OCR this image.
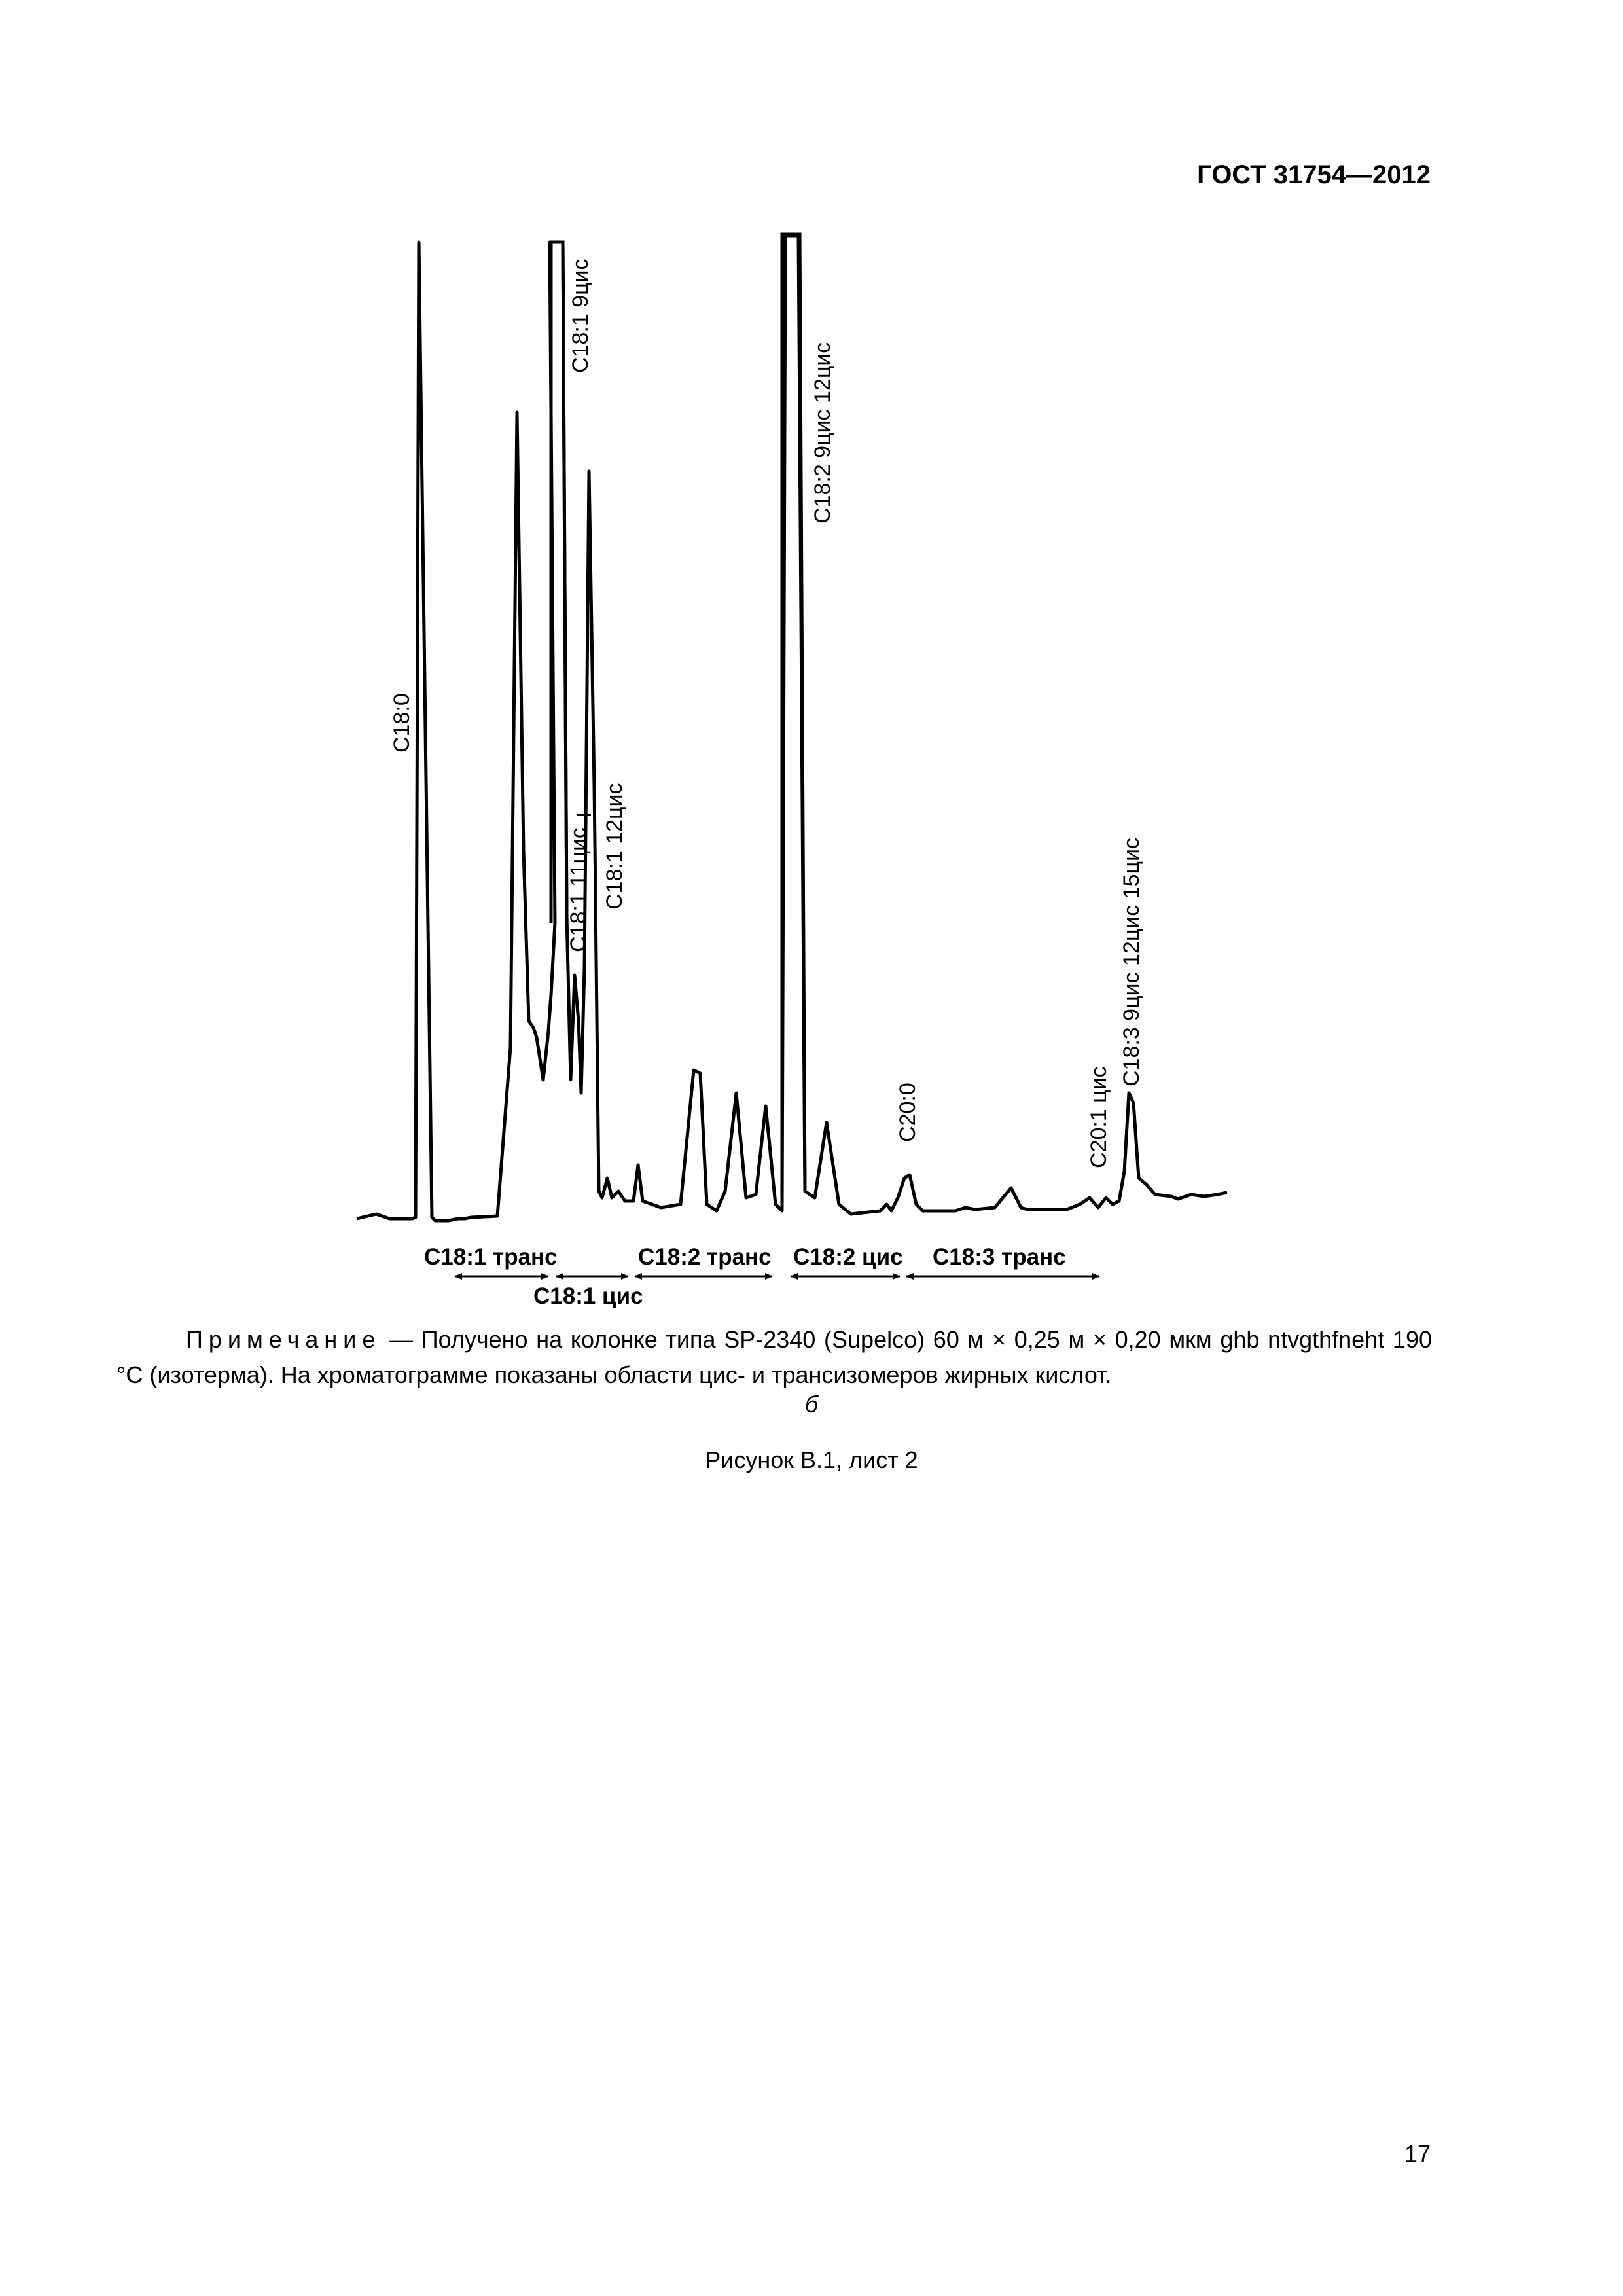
ГОСТ 31754—2012
C18:0
C18:1 9цис
C18:2 9цис 12цис
C18:1 11цис C18:1 12цис
C20:0	C20:1 цис
C18:3 9цис 12цис 15цис
C18:1 транс
C18:1 цис
C18:2 транс C18:2 цис C18:3 транс
Примечание — Получено на колонке типа SP-2340 (Supelco) 60 м × 0,25 м × 0,20 мкм ghb ntvgthfneht 190 °С (изотерма). На хроматограмме показаны области цис- и трансизомеров жирных кислот.
б
Рисунок В.1, лист 2
17
